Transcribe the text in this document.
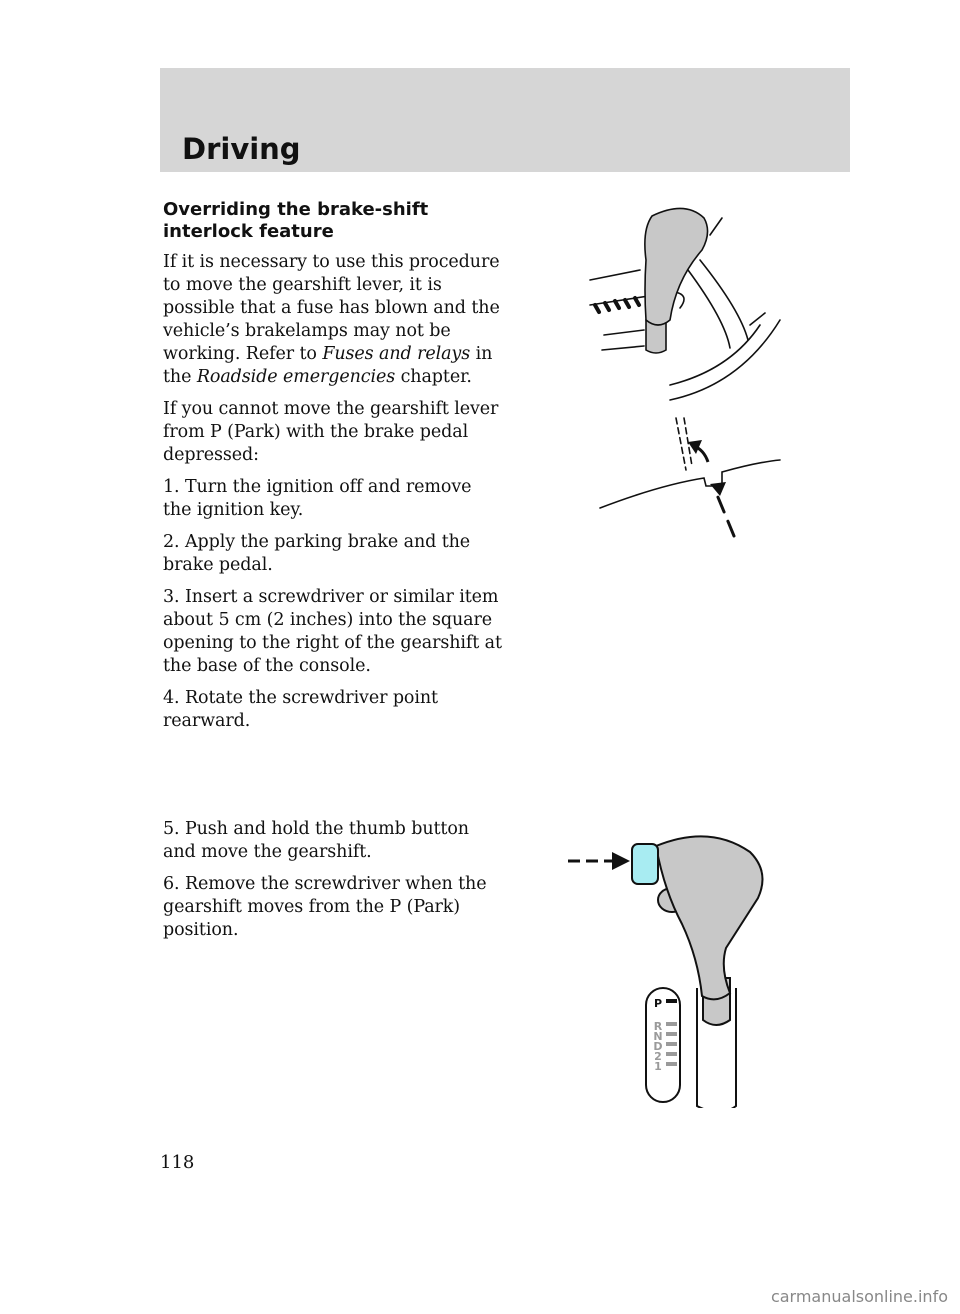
Driving
Overriding the brake-shift
interlock feature

If it is necessary to use this procedure to move the gearshift lever, it is possible that a fuse has blown and the vehicle’s brakelamps may not be working. Refer to Fuses and relays in the Roadside emergencies chapter.

If you cannot move the gearshift lever from P (Park) with the brake pedal depressed:

1. Turn the ignition off and remove the ignition key.

2. Apply the parking brake and the brake pedal.

3. Insert a screwdriver or similar item about 5 cm (2 inches) into the square opening to the right of the gearshift at the base of the console.

4. Rotate the screwdriver point rearward.

5. Push and hold the thumb button and move the gearshift.

6. Remove the screwdriver when the gearshift moves from the P (Park) position.

P
R
N
D
2
1
118
carmanualsonline.info
